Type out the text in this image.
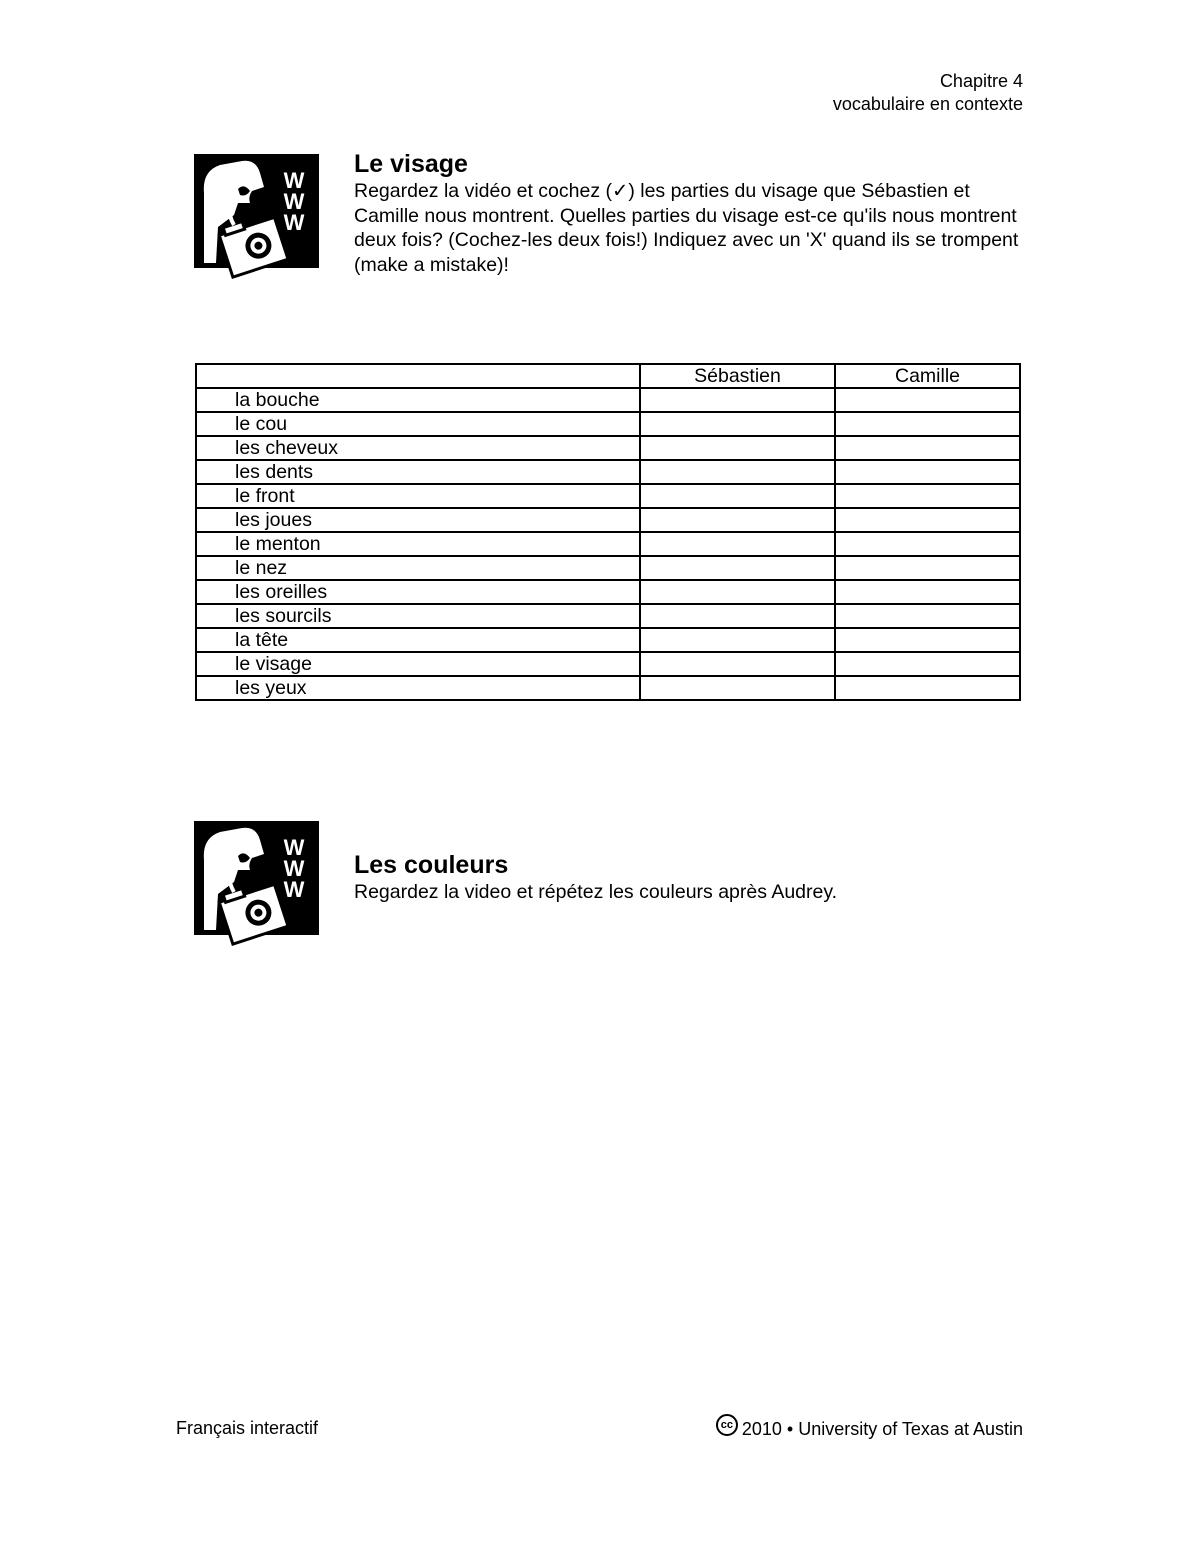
Chapitre 4
vocabulaire en contexte
W
W
W
Le visage

Regardez la vidéo et cochez (✓) les parties du visage que Sébastien et Camille nous montrent. Quelles parties du visage est-ce qu'ils nous montrent deux fois? (Cochez-les deux fois!) Indiquez avec un 'X' quand ils se trompent (make a mistake)!

	Sébastien	Camille
la bouche		
le cou		
les cheveux		
les dents		
le front		
les joues		
le menton		
le nez		
les oreilles		
les sourcils		
la tête		
le visage		
les yeux		
W
W
W
Les couleurs

Regardez la video et répétez les couleurs après Audrey.

Français interactif	cc 2010 • University of Texas at Austin
